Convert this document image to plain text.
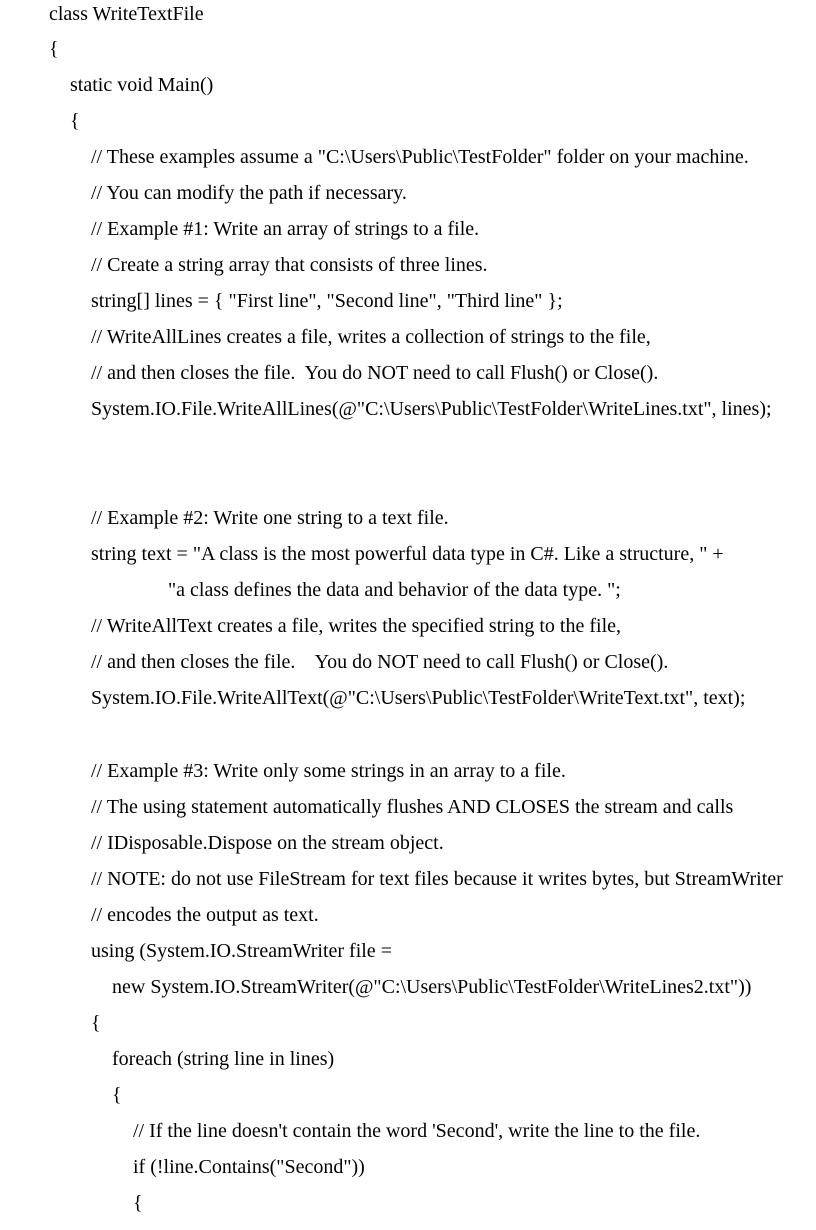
class WriteTextFile
{
static void Main()
{
// These examples assume a "C:\Users\Public\TestFolder" folder on your machine.
// You can modify the path if necessary.
// Example #1: Write an array of strings to a file.
// Create a string array that consists of three lines.
string[] lines = { "First line", "Second line", "Third line" };
// WriteAllLines creates a file, writes a collection of strings to the file,
// and then closes the file.  You do NOT need to call Flush() or Close().
System.IO.File.WriteAllLines(@"C:\Users\Public\TestFolder\WriteLines.txt", lines);
// Example #2: Write one string to a text file.
string text = "A class is the most powerful data type in C#. Like a structure, " +
"a class defines the data and behavior of the data type. ";
// WriteAllText creates a file, writes the specified string to the file,
// and then closes the file.    You do NOT need to call Flush() or Close().
System.IO.File.WriteAllText(@"C:\Users\Public\TestFolder\WriteText.txt", text);
// Example #3: Write only some strings in an array to a file.
// The using statement automatically flushes AND CLOSES the stream and calls
// IDisposable.Dispose on the stream object.
// NOTE: do not use FileStream for text files because it writes bytes, but StreamWriter
// encodes the output as text.
using (System.IO.StreamWriter file =
new System.IO.StreamWriter(@"C:\Users\Public\TestFolder\WriteLines2.txt"))
{
foreach (string line in lines)
{
// If the line doesn't contain the word 'Second', write the line to the file.
if (!line.Contains("Second"))
{
